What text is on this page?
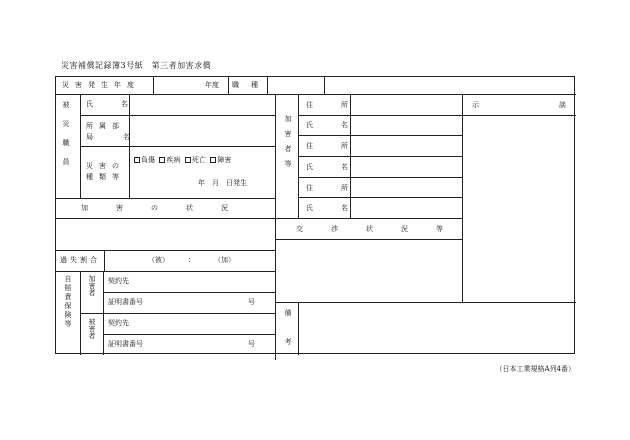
災害補償記録簿3号紙　第三者加害求償
災害発生年度	年度 職種
被災職員 氏名
所属部
局名
災害の
種類等
負傷 疾病 死亡 障害
年　月　日発生
加害の状況
過失割合	（被）	：	（加）
自賠責保険等 加害者
被害者
契約先
証明書番号	号
契約先
証明書番号	号
加害者等
住所
氏名
住所
氏名
住所
氏名
交渉状況等
備考
示	談
（日本工業規格A列4番）
